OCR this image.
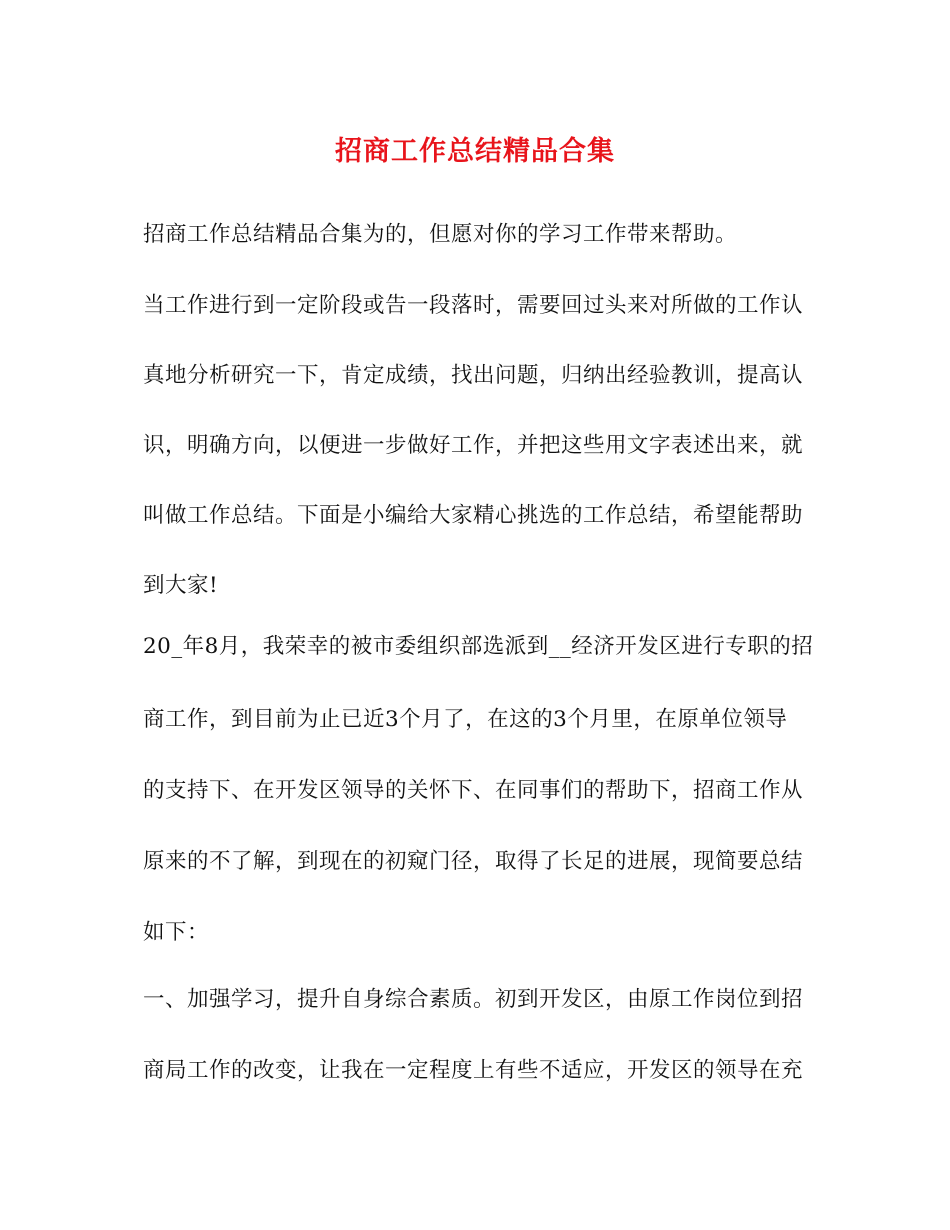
招商工作总结精品合集
招商工作总结精品合集为的，但愿对你的学习工作带来帮助。
当工作进行到一定阶段或告一段落时，需要回过头来对所做的工作认
真地分析研究一下，肯定成绩，找出问题，归纳出经验教训，提高认
识，明确方向，以便进一步做好工作，并把这些用文字表述出来，就
叫做工作总结。下面是小编给大家精心挑选的工作总结，希望能帮助
到大家!
20_年8月，我荣幸的被市委组织部选派到__经济开发区进行专职的招
商工作，到目前为止已近3个月了，在这的3个月里，在原单位领导
的支持下、在开发区领导的关怀下、在同事们的帮助下，招商工作从
原来的不了解，到现在的初窥门径，取得了长足的进展，现简要总结
如下：
一、加强学习，提升自身综合素质。初到开发区，由原工作岗位到招
商局工作的改变，让我在一定程度上有些不适应，开发区的领导在充
